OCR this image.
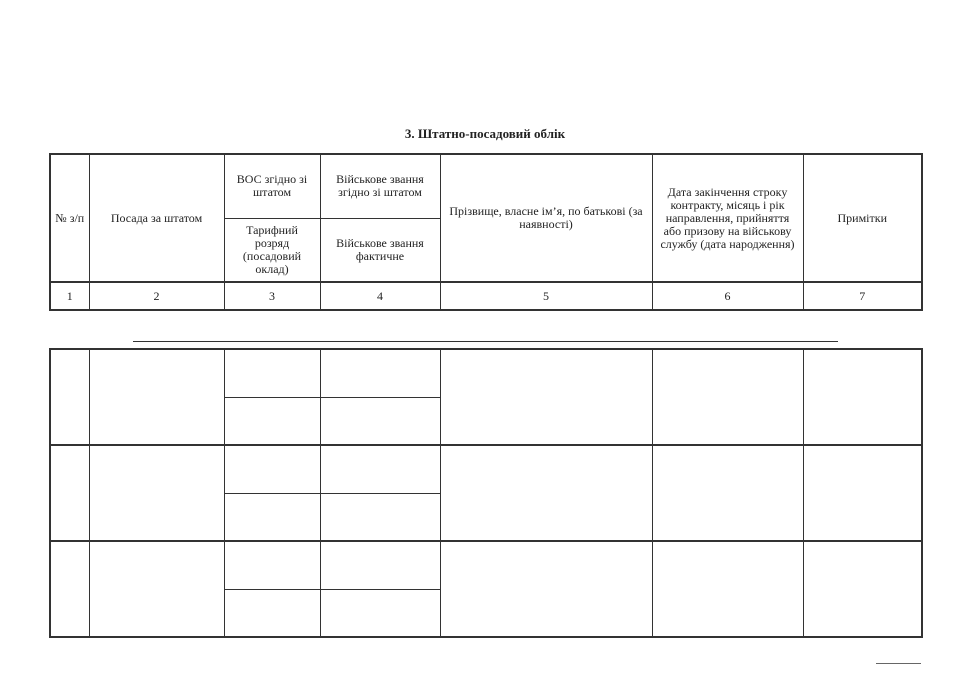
3. Штатно-посадовий облік
№ з/п	Посада за штатом	ВОС згідно зі штатом	Військове звання згідно зі штатом	Прізвище, власне ім’я, по батькові (за наявності)	Дата закінчення строку контракту, місяць і рік направлення, прийняття або призову на військову службу (дата народження)	Примітки
		Тарифний розряд (посадовий оклад)	Військове звання фактичне			
1	2	3	4	5	6	7
